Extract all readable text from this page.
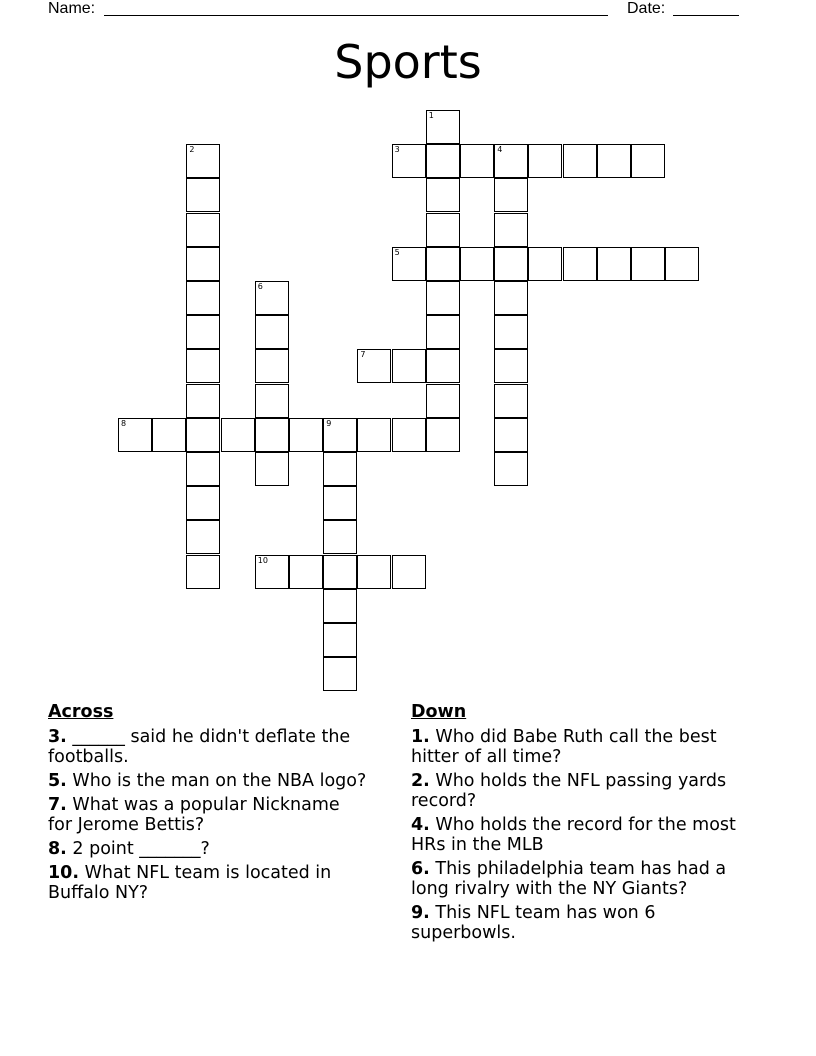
Name:	Date:
Sports
1
2	3	4
5
6
7
8	9
10
Across
3. ______ said he didn't deflate the footballs.
5. Who is the man on the NBA logo?
7. What was a popular Nickname for Jerome Bettis?
8. 2 point _______?
10. What NFL team is located in Buffalo NY?
Down
1. Who did Babe Ruth call the best hitter of all time?
2. Who holds the NFL passing yards record?
4. Who holds the record for the most HRs in the MLB
6. This philadelphia team has had a long rivalry with the NY Giants?
9. This NFL team has won 6 superbowls.
